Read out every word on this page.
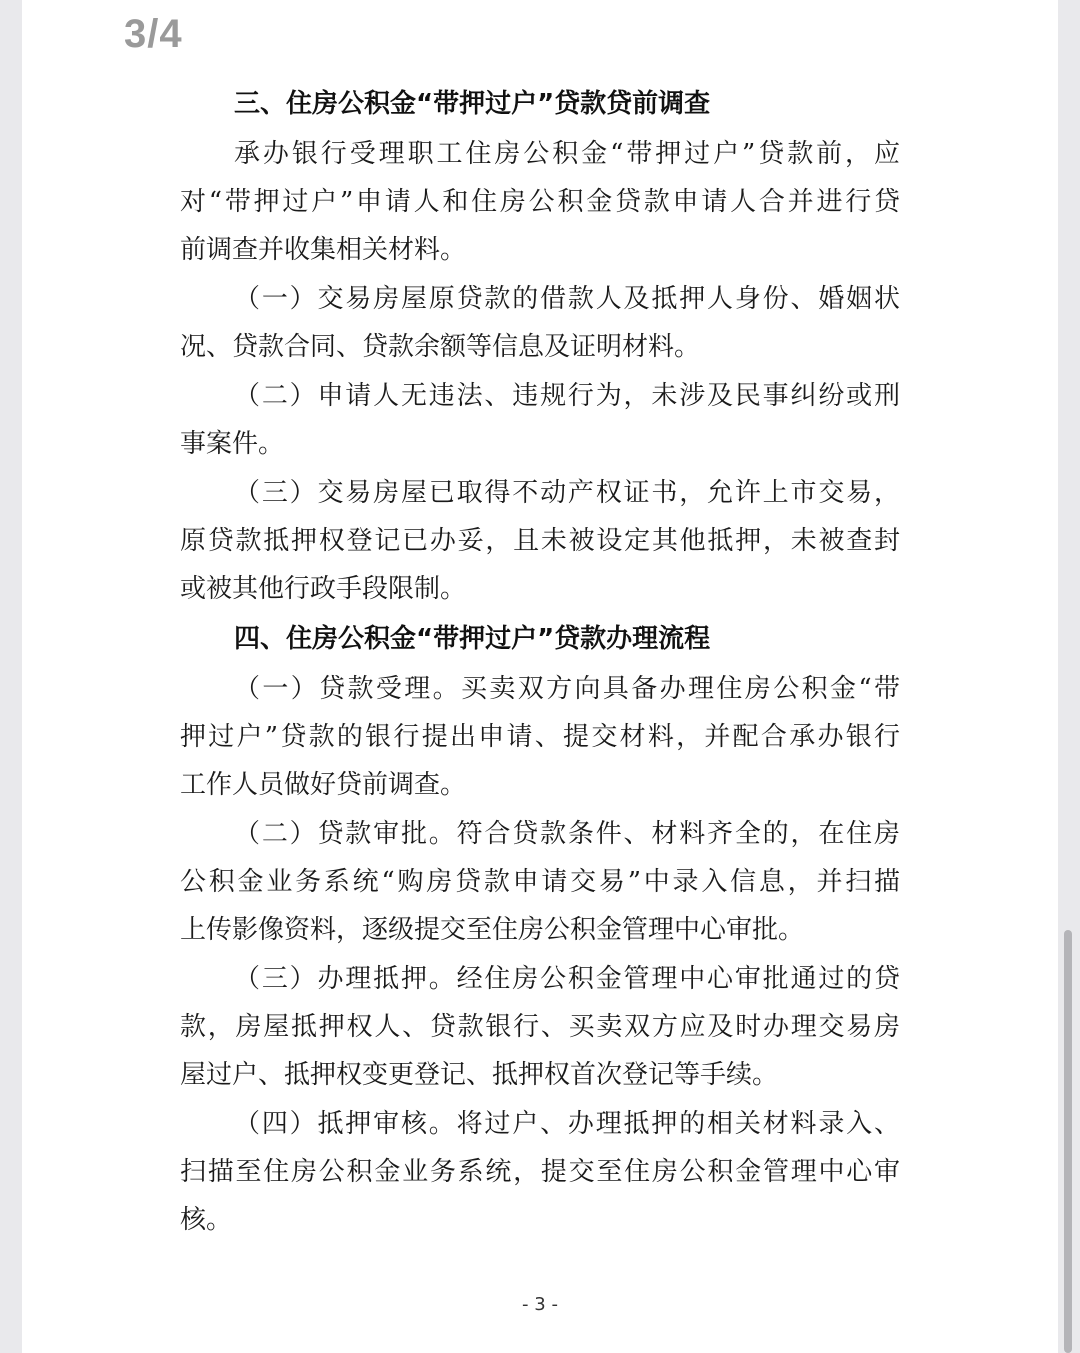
3/4
三、住房公积金“带押过户”贷款贷前调查
承办银行受理职工住房公积金“带押过户”贷款前，应
对“带押过户”申请人和住房公积金贷款申请人合并进行贷
前调查并收集相关材料。
（一）交易房屋原贷款的借款人及抵押人身份、婚姻状
况、贷款合同、贷款余额等信息及证明材料。
（二）申请人无违法、违规行为，未涉及民事纠纷或刑
事案件。
（三）交易房屋已取得不动产权证书，允许上市交易，
原贷款抵押权登记已办妥，且未被设定其他抵押，未被查封
或被其他行政手段限制。
四、住房公积金“带押过户”贷款办理流程
（一）贷款受理。买卖双方向具备办理住房公积金“带
押过户”贷款的银行提出申请、提交材料，并配合承办银行
工作人员做好贷前调查。
（二）贷款审批。符合贷款条件、材料齐全的，在住房
公积金业务系统“购房贷款申请交易”中录入信息，并扫描
上传影像资料，逐级提交至住房公积金管理中心审批。
（三）办理抵押。经住房公积金管理中心审批通过的贷
款，房屋抵押权人、贷款银行、买卖双方应及时办理交易房
屋过户、抵押权变更登记、抵押权首次登记等手续。
（四）抵押审核。将过户、办理抵押的相关材料录入、
扫描至住房公积金业务系统，提交至住房公积金管理中心审
核。
- 3 -
